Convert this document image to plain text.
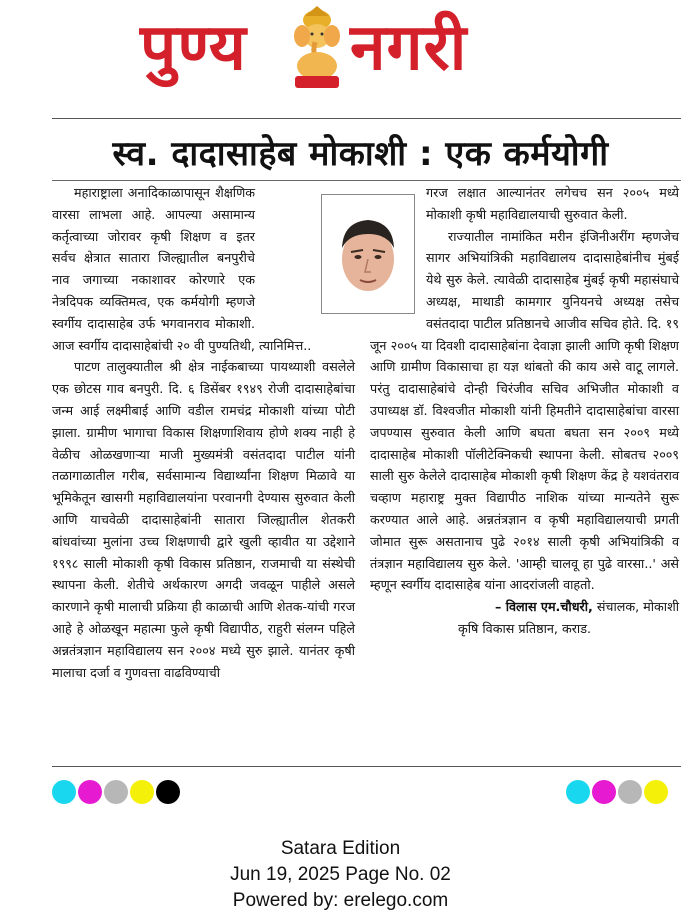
पुण्य नगरी
स्व. दादासाहेब मोकाशी : एक कर्मयोगी

महाराष्ट्राला अनादिकाळापासून शैक्षणिक वारसा लाभला आहे. आपल्या असामान्य कर्तृत्वाच्या जोरावर कृषी शिक्षण व इतर सर्वच क्षेत्रात सातारा जिल्ह्यातील बनपुरीचे नाव जगाच्या नकाशावर कोरणारे एक नेत्रदिपक व्यक्तिमत्व, एक कर्मयोगी म्हणजे स्वर्गीय दादासाहेब उर्फ भगवानराव मोकाशी. आज स्वर्गीय दादासाहेबांची २० वी पुण्यतिथी, त्यानिमित्त..

पाटण तालुक्यातील श्री क्षेत्र नाईकबाच्या पायथ्याशी वसलेले एक छोटस गाव बनपुरी. दि. ६ डिसेंबर १९४९ रोजी दादासाहेबांचा जन्म आई लक्ष्मीबाई आणि वडील रामचंद्र मोकाशी यांच्या पोटी झाला. ग्रामीण भागाचा विकास शिक्षणाशिवाय होणे शक्य नाही हे वेळीच ओळखणाऱ्या माजी मुख्यमंत्री वसंतदादा पाटील यांनी तळागाळातील गरीब, सर्वसामान्य विद्यार्थ्यांना शिक्षण मिळावे या भूमिकेतून खासगी महाविद्यालयांना परवानगी देण्यास सुरुवात केली आणि याचवेळी दादासाहेबांनी सातारा जिल्ह्यातील शेतकरी बांधवांच्या मुलांना उच्च शिक्षणाची द्वारे खुली व्हावीत या उद्देशाने १९९८ साली मोकाशी कृषी विकास प्रतिष्ठान, राजमाची या संस्थेची स्थापना केली. शेतीचे अर्थकारण अगदी जवळून पाहीले असले कारणाने कृषी मालाची प्रक्रिया ही काळाची आणि शेतक-यांची गरज आहे हे ओळखून महात्मा फुले कृषी विद्यापीठ, राहुरी संलग्न पहिले अन्नतंत्रज्ञान महाविद्यालय सन २००४ मध्ये सुरु झाले. यानंतर कृषी मालाचा दर्जा व गुणवत्ता वाढविण्याची

गरज लक्षात आल्यानंतर लगेचच सन २००५ मध्ये मोकाशी कृषी महाविद्यालयाची सुरुवात केली.

राज्यातील नामांकित मरीन इंजिनीअरींग म्हणजेच सागर अभियांत्रिकी महाविद्यालय दादासाहेबांनीच मुंबई येथे सुरु केले. त्यावेळी दादासाहेब मुंबई कृषी महासंघाचे अध्यक्ष, माथाडी कामगार युनियनचे अध्यक्ष तसेच वसंतदादा पाटील प्रतिष्ठानचे आजीव सचिव होते. दि. १९ जून २००५ या दिवशी दादासाहेबांना देवाज्ञा झाली आणि कृषी शिक्षण आणि ग्रामीण विकासाचा हा यज्ञ थांबतो की काय असे वाटू लागले. परंतु दादासाहेबांचे दोन्ही चिरंजीव सचिव अभिजीत मोकाशी व उपाध्यक्ष डॉ. विश्वजीत मोकाशी यांनी हिमतीने दादासाहेबांचा वारसा जपण्यास सुरुवात केली आणि बघता बघता सन २००९ मध्ये दादासाहेब मोकाशी पॉलीटेक्निकची स्थापना केली. सोबतच २००९ साली सुरु केलेले दादासाहेब मोकाशी कृषी शिक्षण केंद्र हे यशवंतराव चव्हाण महाराष्ट्र मुक्त विद्यापीठ नाशिक यांच्या मान्यतेने सुरू करण्यात आले आहे. अन्नतंत्रज्ञान व कृषी महाविद्यालयाची प्रगती जोमात सुरू असतानाच पुढे २०१४ साली कृषी अभियांत्रिकी व तंत्रज्ञान महाविद्यालय सुरु केले. 'आम्ही चालवू हा पुढे वारसा..' असे म्हणून स्वर्गीय दादासाहेब यांना आदरांजली वाहतो.

– विलास एम.चौधरी, संचालक, मोकाशी

कृषि विकास प्रतिष्ठान, कराड.

Satara Edition
Jun 19, 2025 Page No. 02
Powered by: erelego.com
